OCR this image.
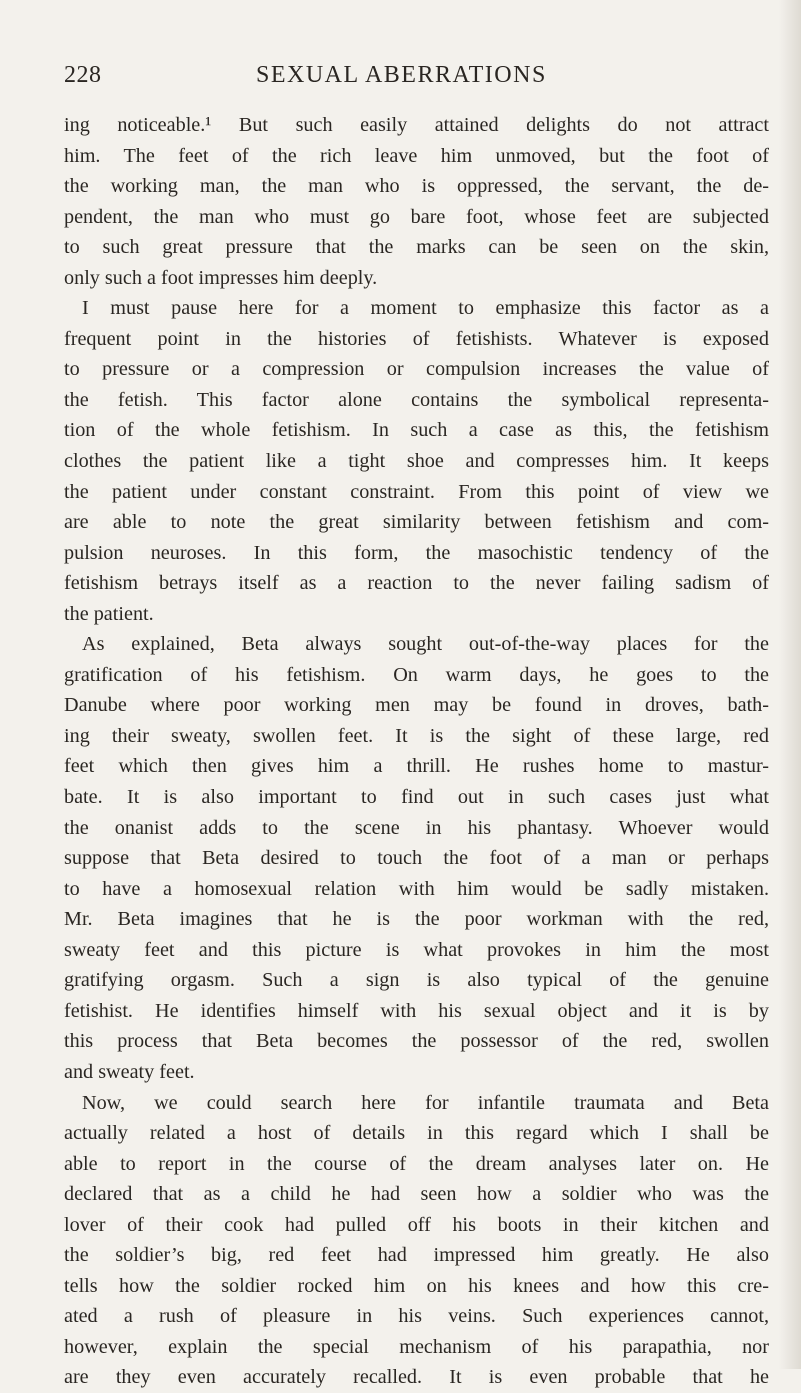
228	SEXUAL ABERRATIONS
ing noticeable.¹ But such easily attained delights do not attract
him. The feet of the rich leave him unmoved, but the foot of
the working man, the man who is oppressed, the servant, the de-
pendent, the man who must go bare foot, whose feet are subjected
to such great pressure that the marks can be seen on the skin,
only such a foot impresses him deeply.
I must pause here for a moment to emphasize this factor as a
frequent point in the histories of fetishists. Whatever is exposed
to pressure or a compression or compulsion increases the value of
the fetish. This factor alone contains the symbolical representa-
tion of the whole fetishism. In such a case as this, the fetishism
clothes the patient like a tight shoe and compresses him. It keeps
the patient under constant constraint. From this point of view we
are able to note the great similarity between fetishism and com-
pulsion neuroses. In this form, the masochistic tendency of the
fetishism betrays itself as a reaction to the never failing sadism of
the patient.
As explained, Beta always sought out-of-the-way places for the
gratification of his fetishism. On warm days, he goes to the
Danube where poor working men may be found in droves, bath-
ing their sweaty, swollen feet. It is the sight of these large, red
feet which then gives him a thrill. He rushes home to mastur-
bate. It is also important to find out in such cases just what
the onanist adds to the scene in his phantasy. Whoever would
suppose that Beta desired to touch the foot of a man or perhaps
to have a homosexual relation with him would be sadly mistaken.
Mr. Beta imagines that he is the poor workman with the red,
sweaty feet and this picture is what provokes in him the most
gratifying orgasm. Such a sign is also typical of the genuine
fetishist. He identifies himself with his sexual object and it is by
this process that Beta becomes the possessor of the red, swollen
and sweaty feet.
Now, we could search here for infantile traumata and Beta
actually related a host of details in this regard which I shall be
able to report in the course of the dream analyses later on. He
declared that as a child he had seen how a soldier who was the
lover of their cook had pulled off his boots in their kitchen and
the soldier’s big, red feet had impressed him greatly. He also
tells how the soldier rocked him on his knees and how this cre-
ated a rush of pleasure in his veins. Such experiences cannot,
however, explain the special mechanism of his parapathia, nor
are they even accurately recalled. It is even probable that he
